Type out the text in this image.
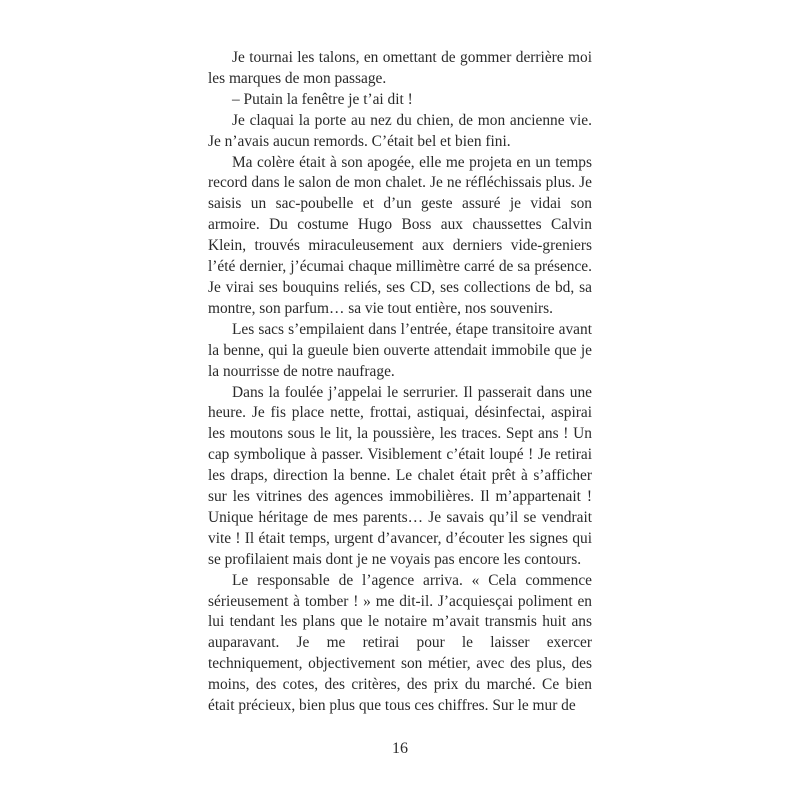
Je tournai les talons, en omettant de gommer derrière moi les marques de mon passage.

– Putain la fenêtre je t’ai dit !

Je claquai la porte au nez du chien, de mon ancienne vie. Je n’avais aucun remords. C’était bel et bien fini.

Ma colère était à son apogée, elle me projeta en un temps record dans le salon de mon chalet. Je ne réfléchissais plus. Je saisis un sac-poubelle et d’un geste assuré je vidai son armoire. Du costume Hugo Boss aux chaussettes Calvin Klein, trouvés miraculeusement aux derniers vide-greniers l’été dernier, j’écumai chaque millimètre carré de sa présence. Je virai ses bouquins reliés, ses CD, ses collections de bd, sa montre, son parfum… sa vie tout entière, nos souvenirs.

Les sacs s’empilaient dans l’entrée, étape transitoire avant la benne, qui la gueule bien ouverte attendait immobile que je la nourrisse de notre naufrage.

Dans la foulée j’appelai le serrurier. Il passerait dans une heure. Je fis place nette, frottai, astiquai, désinfectai, aspirai les moutons sous le lit, la poussière, les traces. Sept ans ! Un cap symbolique à passer. Visiblement c’était loupé ! Je retirai les draps, direction la benne. Le chalet était prêt à s’afficher sur les vitrines des agences immobilières. Il m’appartenait ! Unique héritage de mes parents… Je savais qu’il se vendrait vite ! Il était temps, urgent d’avancer, d’écouter les signes qui se profilaient mais dont je ne voyais pas encore les contours.

Le responsable de l’agence arriva. « Cela commence sérieusement à tomber ! » me dit-il. J’acquiesçai poliment en lui tendant les plans que le notaire m’avait transmis huit ans auparavant. Je me retirai pour le laisser exercer techniquement, objectivement son métier, avec des plus, des moins, des cotes, des critères, des prix du marché. Ce bien était précieux, bien plus que tous ces chiffres. Sur le mur de

16
